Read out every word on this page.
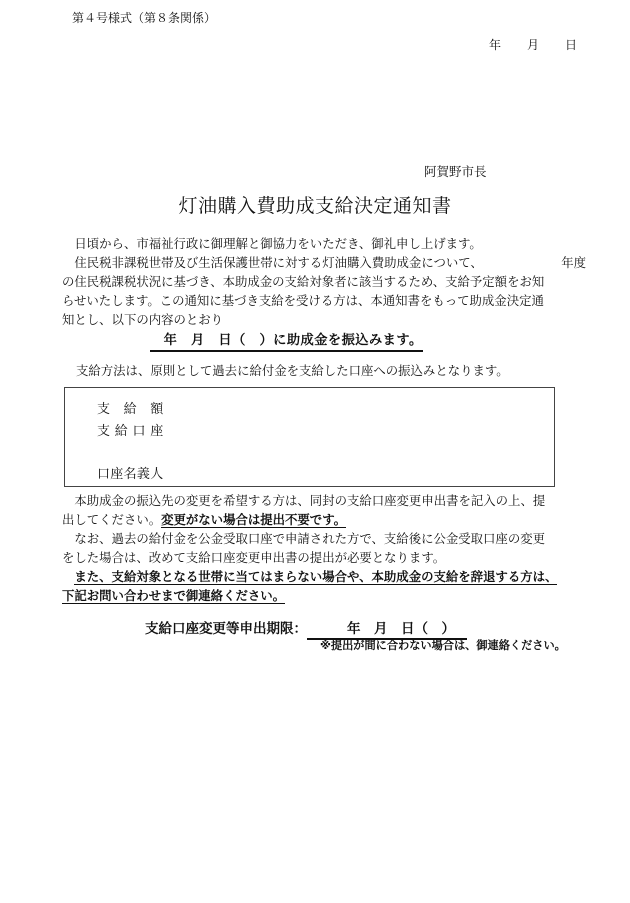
第４号様式（第８条関係）
年 月 日
阿賀野市長
灯油購入費助成支給決定通知書

日頃から、市福祉行政に御理解と御協力をいただき、御礼申し上げます。

住民税非課税世帯及び生活保護世帯に対する灯油購入費助成金について、	年度

の住民税課税状況に基づき、本助成金の支給対象者に該当するため、支給予定額をお知

らせいたします。この通知に基づき支給を受ける方は、本通知書をもって助成金決定通

知とし、以下の内容のとおり

　年　月　日（　）に助成金を振込みます。
支給方法は、原則として過去に給付金を支給した口座への振込みとなります。
支　給　額
支 給 口 座
口座名義人

本助成金の振込先の変更を希望する方は、同封の支給口座変更申出書を記入の上、提

出してください。変更がない場合は提出不要です。

なお、過去の給付金を公金受取口座で申請された方で、支給後に公金受取口座の変更

をした場合は、改めて支給口座変更申出書の提出が必要となります。

また、支給対象となる世帯に当てはまらない場合や、本助成金の支給を辞退する方は、

下記お問い合わせまで御連絡ください。

支給口座変更等申出期限：	年　月　日（　）
※提出が間に合わない場合は、御連絡ください。
